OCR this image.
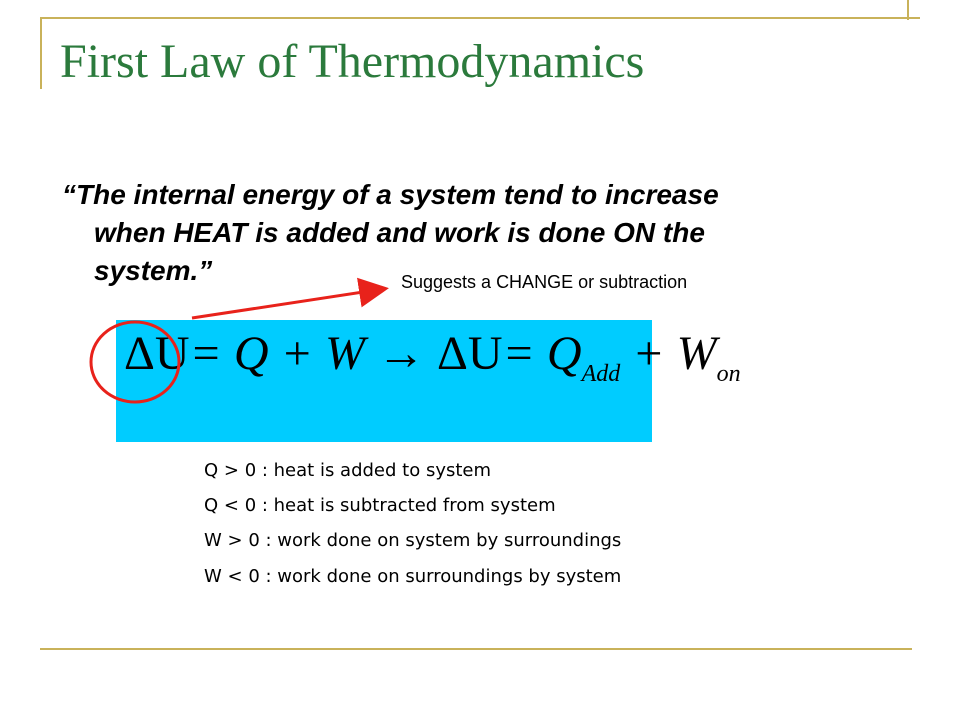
First Law of Thermodynamics
“The internal energy of a system tend to increase
when HEAT is added and work is done ON the
system.”	Suggests a CHANGE or subtraction
$\Delta U= Q + W \to \Delta U= Q_{Add} + W_{on}$
Q > 0 : heat is added to system
Q < 0 : heat is subtracted from system
W > 0 : work done on system by surroundings
W < 0 : work done on surroundings by system
